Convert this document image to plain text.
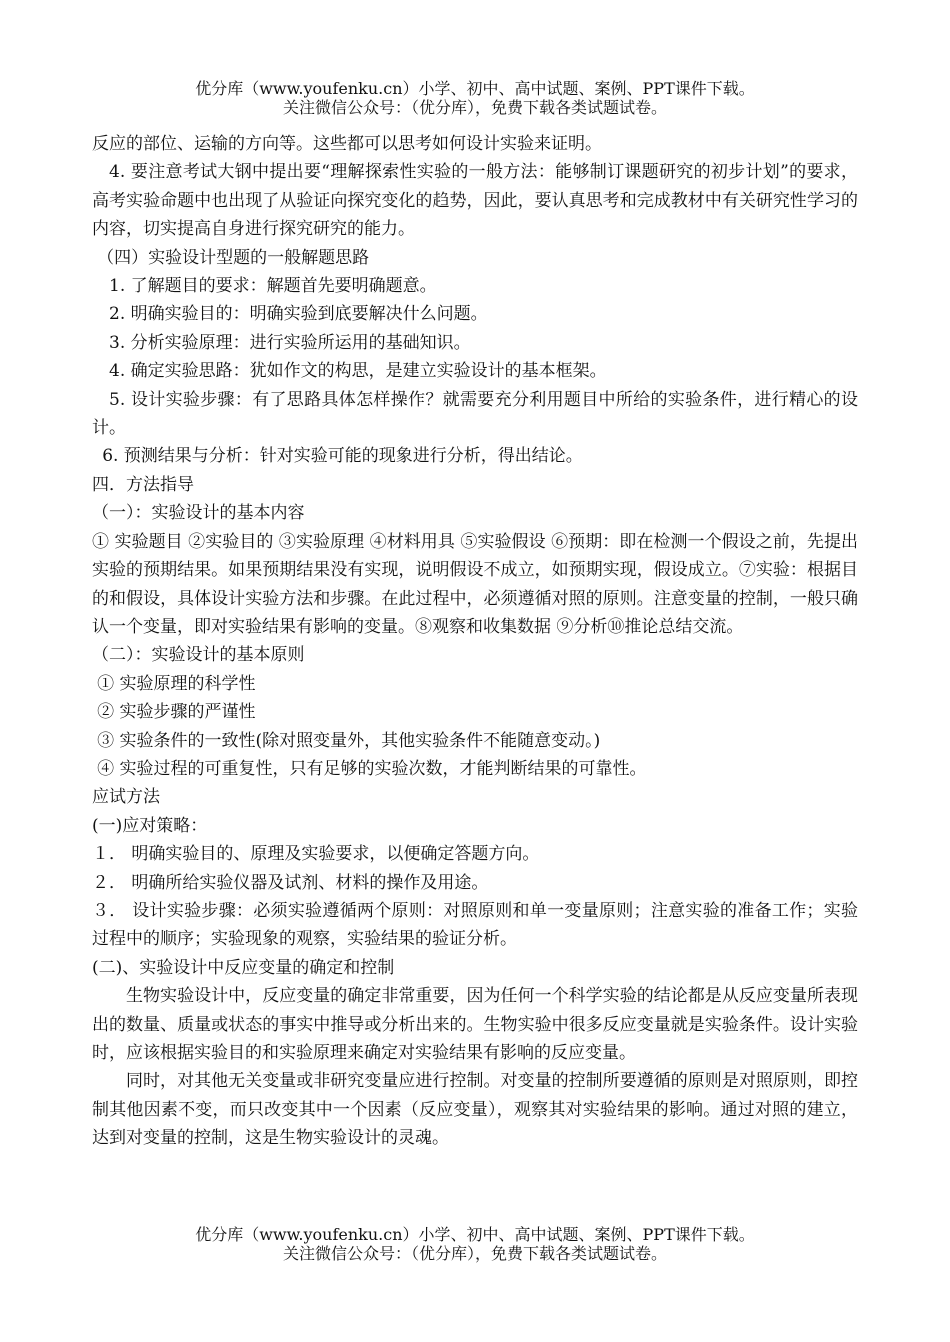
优分库（www.youfenku.cn）小学、初中、高中试题、案例、PPT课件下载。
关注微信公众号：（优分库），免费下载各类试题试卷。

反应的部位、运输的方向等。这些都可以思考如何设计实验来证明。

4. 要注意考试大钢中提出要“理解探索性实验的一般方法：能够制订课题研究的初步计划”的要求，高考实验命题中也出现了从验证向探究变化的趋势，因此，要认真思考和完成教材中有关研究性学习的内容，切实提高自身进行探究研究的能力。

（四）实验设计型题的一般解题思路

1. 了解题目的要求：解题首先要明确题意。

2. 明确实验目的：明确实验到底要解决什么问题。

3. 分析实验原理：进行实验所运用的基础知识。

4. 确定实验思路：犹如作文的构思，是建立实验设计的基本框架。

5. 设计实验步骤：有了思路具体怎样操作？就需要充分利用题目中所给的实验条件，进行精心的设计。

6. 预测结果与分析：针对实验可能的现象进行分析，得出结论。

四．方法指导

（一）：实验设计的基本内容

① 实验题目 ②实验目的 ③实验原理 ④材料用具 ⑤实验假设 ⑥预期：即在检测一个假设之前，先提出实验的预期结果。如果预期结果没有实现，说明假设不成立，如预期实现，假设成立。⑦实验：根据目的和假设，具体设计实验方法和步骤。在此过程中，必须遵循对照的原则。注意变量的控制，一般只确认一个变量，即对实验结果有影响的变量。⑧观察和收集数据 ⑨分析⑩推论总结交流。

（二）：实验设计的基本原则

① 实验原理的科学性

② 实验步骤的严谨性

③ 实验条件的一致性(除对照变量外，其他实验条件不能随意变动。)

④ 实验过程的可重复性，只有足够的实验次数，才能判断结果的可靠性。

应试方法

(一)应对策略：

１． 明确实验目的、原理及实验要求，以便确定答题方向。

２． 明确所给实验仪器及试剂、材料的操作及用途。

３． 设计实验步骤：必须实验遵循两个原则：对照原则和单一变量原则；注意实验的准备工作；实验过程中的顺序；实验现象的观察，实验结果的验证分析。

(二)、实验设计中反应变量的确定和控制

生物实验设计中，反应变量的确定非常重要，因为任何一个科学实验的结论都是从反应变量所表现出的数量、质量或状态的事实中推导或分析出来的。生物实验中很多反应变量就是实验条件。设计实验时，应该根据实验目的和实验原理来确定对实验结果有影响的反应变量。

同时，对其他无关变量或非研究变量应进行控制。对变量的控制所要遵循的原则是对照原则，即控制其他因素不变，而只改变其中一个因素（反应变量），观察其对实验结果的影响。通过对照的建立，达到对变量的控制，这是生物实验设计的灵魂。

优分库（www.youfenku.cn）小学、初中、高中试题、案例、PPT课件下载。
关注微信公众号：（优分库），免费下载各类试题试卷。
